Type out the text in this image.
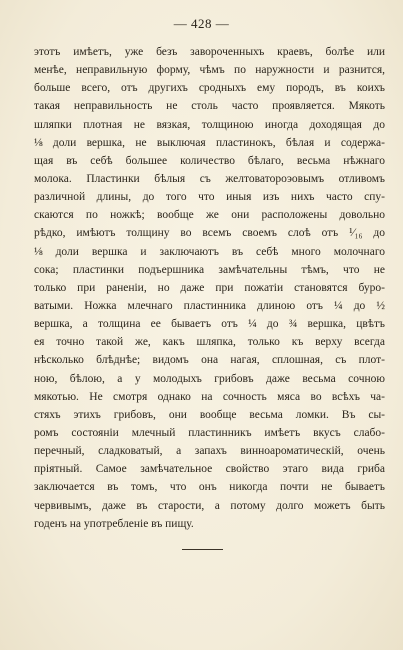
— 428 —
этотъ имѣетъ, уже безъ завороченныхъ краевъ, болѣе или
менѣе, неправильную форму, чѣмъ по наружности и разнится,
больше всего, отъ другихъ сродныхъ ему породъ, въ коихъ
такая неправильность не столь часто проявляется. Мякоть
шляпки плотная не вязкая, толщиною иногда доходящая до
⅛ доли вершка, не выключая пластинокъ, бѣлая и содержа-
щая въ себѣ большее количество бѣлаго, весьма нѣжнаго
молока. Пластинки бѣлыя съ желтоватороэовымъ отливомъ
различной длины, до того что иныя изъ нихъ часто спу-
скаются по ножкѣ; вообще же они расположены довольно
рѣдко, имѣютъ толщину во всемъ своемъ слоѣ отъ ¹⁄₁₆ до
⅛ доли вершка и заключаютъ въ себѣ много молочнаго
сока; пластинки подъершника замѣчательны тѣмъ, что не
только при раненіи, но даже при пожатіи становятся буро-
ватыми. Ножка млечнаго пластинника длиною отъ ¼ до ½
вершка, а толщина ее бываетъ отъ ¼ до ¾ вершка, цвѣтъ
ея точно такой же, какъ шляпка, только къ верху всегда
нѣсколько блѣднѣе; видомъ она нагая, сплошная, съ плот-
ною, бѣлою, а у молодыхъ грибовъ даже весьма сочною
мякотью. Не смотря однако на сочность мяса во всѣхъ ча-
стяхъ этихъ грибовъ, они вообще весьма ломки. Въ сы-
ромъ состояніи млечный пластинникъ имѣетъ вкусъ слабо-
перечный, сладковатый, а запахъ винноароматическій, очень
пріятный. Самое замѣчательное свойство этаго вида гриба
заключается въ томъ, что онъ никогда почти не бываетъ
червивымъ, даже въ старости, а потому долго можетъ быть
годенъ на употребленіе въ пищу.
